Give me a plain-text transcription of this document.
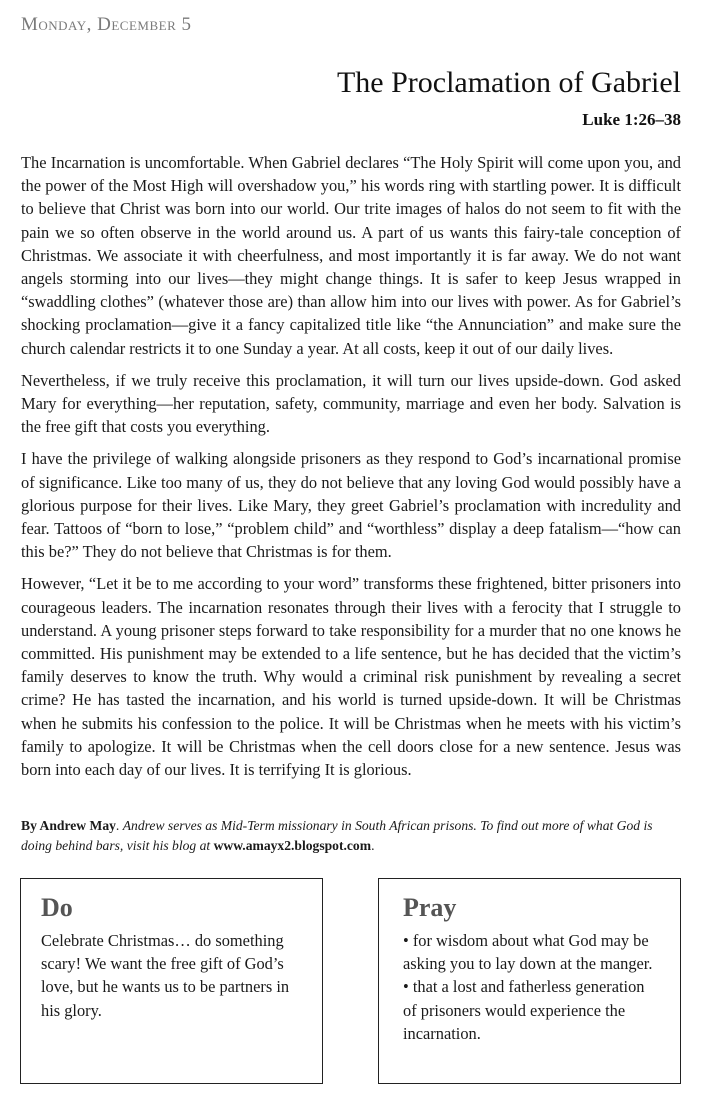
Monday, December 5
The Proclamation of Gabriel
Luke 1:26–38

The Incarnation is uncomfortable. When Gabriel declares “The Holy Spirit will come upon you, and the power of the Most High will overshadow you,” his words ring with startling power. It is difficult to believe that Christ was born into our world. Our trite images of halos do not seem to fit with the pain we so often observe in the world around us. A part of us wants this fairy-tale conception of Christmas. We associate it with cheerfulness, and most importantly it is far away. We do not want angels storming into our lives—they might change things. It is safer to keep Jesus wrapped in “swaddling clothes” (whatever those are) than allow him into our lives with power. As for Gabriel’s shocking proclamation—give it a fancy capitalized title like “the Annunciation” and make sure the church calendar restricts it to one Sunday a year. At all costs, keep it out of our daily lives.

Nevertheless, if we truly receive this proclamation, it will turn our lives upside-down. God asked Mary for everything—her reputation, safety, community, marriage and even her body. Salvation is the free gift that costs you everything.

I have the privilege of walking alongside prisoners as they respond to God’s incarnational promise of significance. Like too many of us, they do not believe that any loving God would possibly have a glorious purpose for their lives. Like Mary, they greet Gabriel’s proclamation with incredulity and fear. Tattoos of “born to lose,” “problem child” and “worthless” display a deep fatalism—“how can this be?” They do not believe that Christmas is for them.

However, “Let it be to me according to your word” transforms these frightened, bitter prisoners into courageous leaders. The incarnation resonates through their lives with a ferocity that I struggle to understand. A young prisoner steps forward to take responsibility for a murder that no one knows he committed. His punishment may be extended to a life sentence, but he has decided that the victim’s family deserves to know the truth. Why would a criminal risk punishment by revealing a secret crime? He has tasted the incarnation, and his world is turned upside-down. It will be Christmas when he submits his confession to the police. It will be Christmas when he meets with his victim’s family to apologize. It will be Christmas when the cell doors close for a new sentence. Jesus was born into each day of our lives. It is terrifying It is glorious.

By Andrew May. Andrew serves as Mid-Term missionary in South African prisons. To find out more of what God is doing behind bars, visit his blog at www.amayx2.blogspot.com.
Do
Celebrate Christmas… do something scary! We want the free gift of God’s love, but he wants us to be partners in his glory.
Pray
• for wisdom about what God may be asking you to lay down at the manger.
• that a lost and fatherless generation of prisoners would experience the incarnation.
